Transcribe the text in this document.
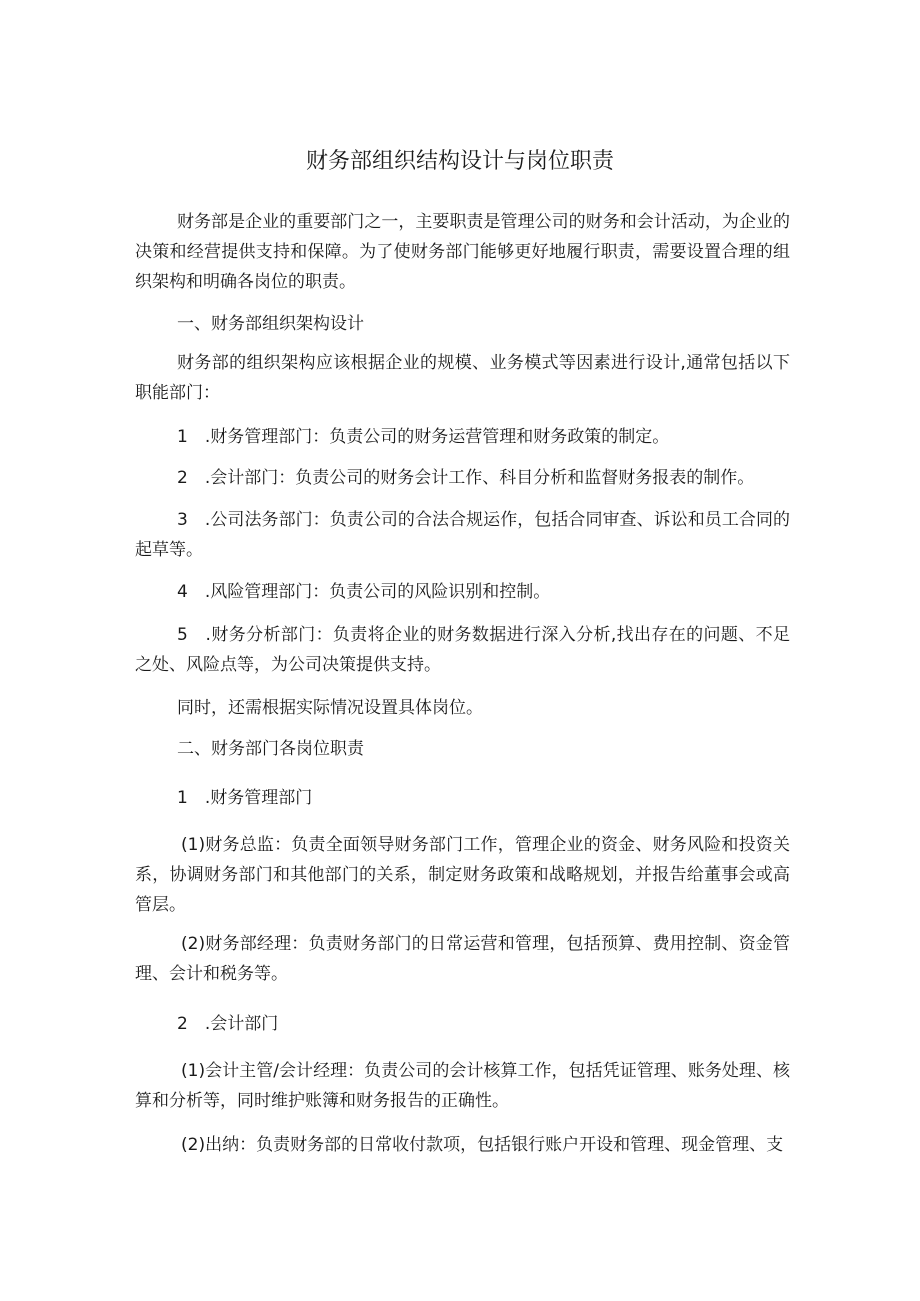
财务部组织结构设计与岗位职责

财务部是企业的重要部门之一，主要职责是管理公司的财务和会计活动，为企业的决策和经营提供支持和保障。为了使财务部门能够更好地履行职责，需要设置合理的组织架构和明确各岗位的职责。

一、财务部组织架构设计

财务部的组织架构应该根据企业的规模、业务模式等因素进行设计,通常包括以下职能部门：

1　.财务管理部门：负责公司的财务运营管理和财务政策的制定。

2　.会计部门：负责公司的财务会计工作、科目分析和监督财务报表的制作。

3　.公司法务部门：负责公司的合法合规运作，包括合同审查、诉讼和员工合同的起草等。

4　.风险管理部门：负责公司的风险识别和控制。

5　.财务分析部门：负责将企业的财务数据进行深入分析,找出存在的问题、不足之处、风险点等，为公司决策提供支持。

同时，还需根据实际情况设置具体岗位。

二、财务部门各岗位职责

1　.财务管理部门

(1)财务总监：负责全面领导财务部门工作，管理企业的资金、财务风险和投资关系，协调财务部门和其他部门的关系，制定财务政策和战略规划，并报告给董事会或高管层。

(2)财务部经理：负责财务部门的日常运营和管理，包括预算、费用控制、资金管理、会计和税务等。

2　.会计部门

(1)会计主管/会计经理：负责公司的会计核算工作，包括凭证管理、账务处理、核算和分析等，同时维护账簿和财务报告的正确性。

(2)出纳：负责财务部的日常收付款项，包括银行账户开设和管理、现金管理、支
